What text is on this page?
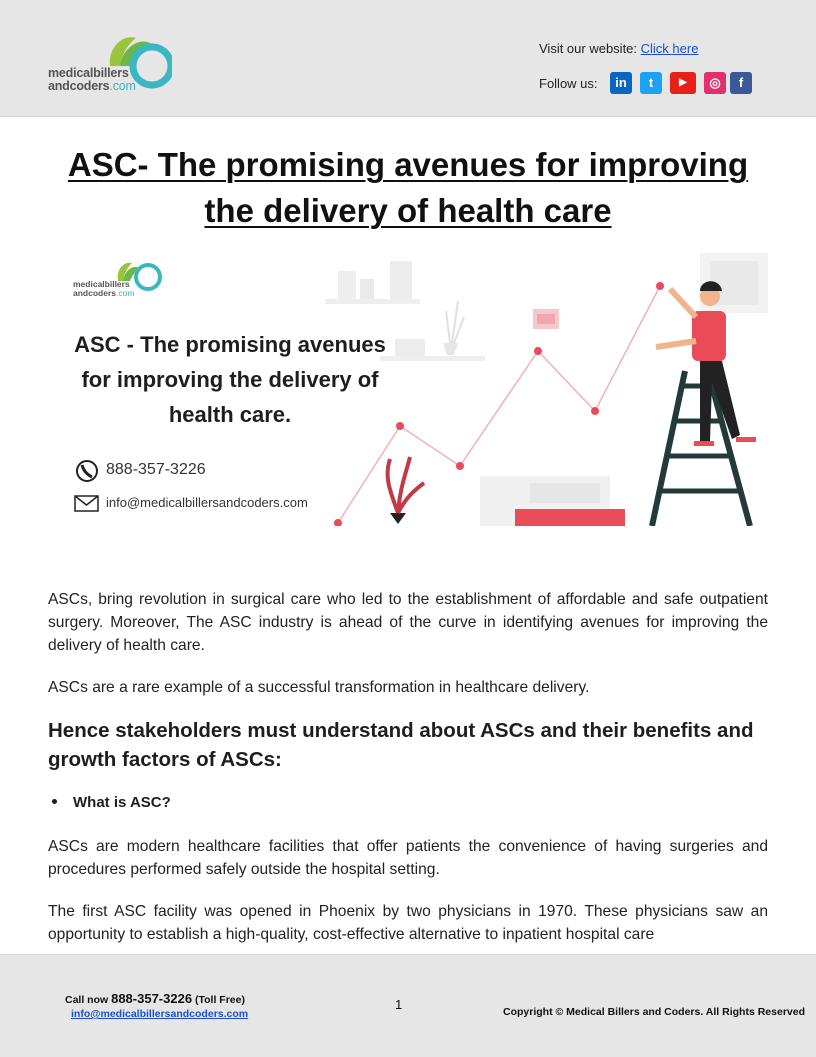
medicalbillers
andcoders.com
Visit our website: Click here
Follow us:	in	t	▶	◎	f
ASC- The promising avenues for improving the delivery of health care
medicalbillers
andcoders.com
ASC - The promising avenues for improving the delivery of health care.
888-357-3226
info@medicalbillersandcoders.com

ASCs, bring revolution in surgical care who led to the establishment of affordable and safe outpatient surgery. Moreover, The ASC industry is ahead of the curve in identifying avenues for improving the delivery of health care.

ASCs are a rare example of a successful transformation in healthcare delivery.

Hence stakeholders must understand about ASCs and their benefits and growth factors of ASCs:
What is ASC?

ASCs are modern healthcare facilities that offer patients the convenience of having surgeries and procedures performed safely outside the hospital setting.

The first ASC facility was opened in Phoenix by two physicians in 1970. These physicians saw an opportunity to establish a high-quality, cost-effective alternative to inpatient hospital care

Call now 888-357-3226 (Toll Free)
info@medicalbillersandcoders.com
1	Copyright © Medical Billers and Coders. All Rights Reserved
